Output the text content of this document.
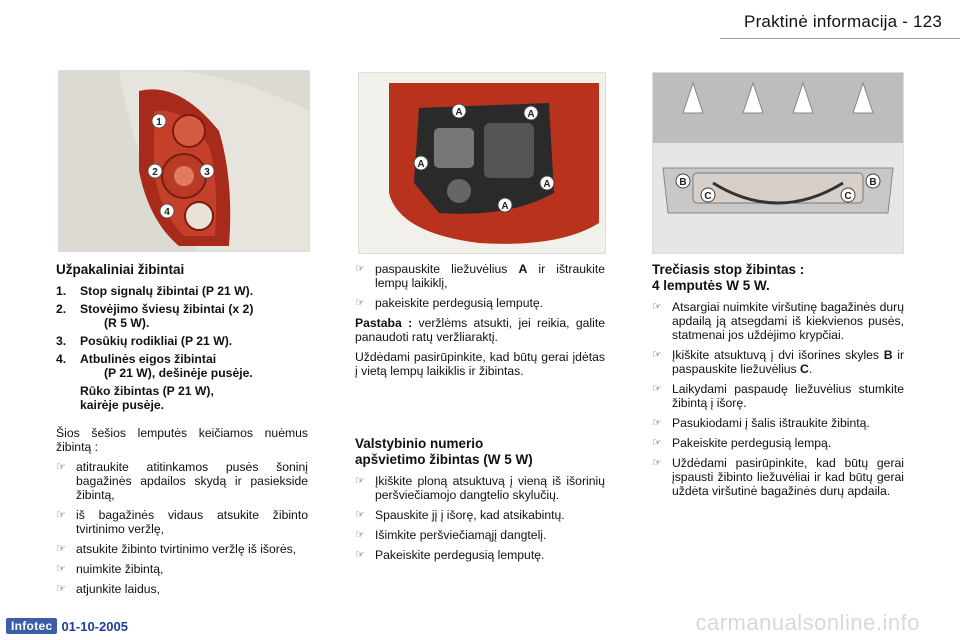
Praktinė informacija - 123
1
2	3
4
A	A
A
A
A	B
C
B
C
Užpakaliniai žibintai
1. Stop signalų žibintai (P 21 W).
2. Stovėjimo šviesų žibintai (x 2)
(R 5 W).
3. Posūkių rodikliai (P 21 W).
4. Atbulinės eigos žibintai
(P 21 W), dešinėje pusėje.
Rūko žibintas (P 21 W),
kairėje pusėje.

Šios šešios lemputės keičiamos nuėmus žibintą :

☞ atitraukite atitinkamos pusės šoninį bagažinės apdailos skydą ir pasiekside žibintą,
☞ iš bagažinės vidaus atsukite žibinto tvirtinimo veržlę,
☞ atsukite žibinto tvirtinimo veržlę iš išorės,
☞ nuimkite žibintą,
☞ atjunkite laidus,
☞ paspauskite liežuvėlius A ir ištraukite lempų laikiklį,
☞ pakeiskite perdegusią lemputę.

Pastaba : veržlėms atsukti, jei reikia, galite panaudoti ratų veržliaraktį.

Uždėdami pasirūpinkite, kad būtų gerai įdėtas į vietą lempų laikiklis ir žibintas.

Valstybinio numerio
apšvietimo žibintas (W 5 W)
☞ Įkiškite ploną atsuktuvą į vieną iš išorinių peršviečiamojo dangtelio skylučių.
☞ Spauskite jį į išorę, kad atsikabintų.
☞ Išimkite peršviečiamąjį dangtelį.
☞ Pakeiskite perdegusią lemputę.
Trečiasis stop žibintas :
4 lemputės W 5 W.
☞ Atsargiai nuimkite viršutinę bagažinės durų apdailą ją atsegdami iš kiekvienos pusės, statmenai jos uždėjimo krypčiai.
☞ Įkiškite atsuktuvą į dvi išorines skyles B ir paspauskite liežuvėlius C.
☞ Laikydami paspaudę liežuvėlius stumkite žibintą į išorę.
☞ Pasukiodami į šalis ištraukite žibintą.
☞ Pakeiskite perdegusią lempą.
☞ Uždėdami pasirūpinkite, kad būtų gerai įspausti žibinto liežuvėliai ir kad būtų gerai uždėta viršutinė bagažinės durų apdaila.
Infotec 01-10-2005	carmanualsonline.info
